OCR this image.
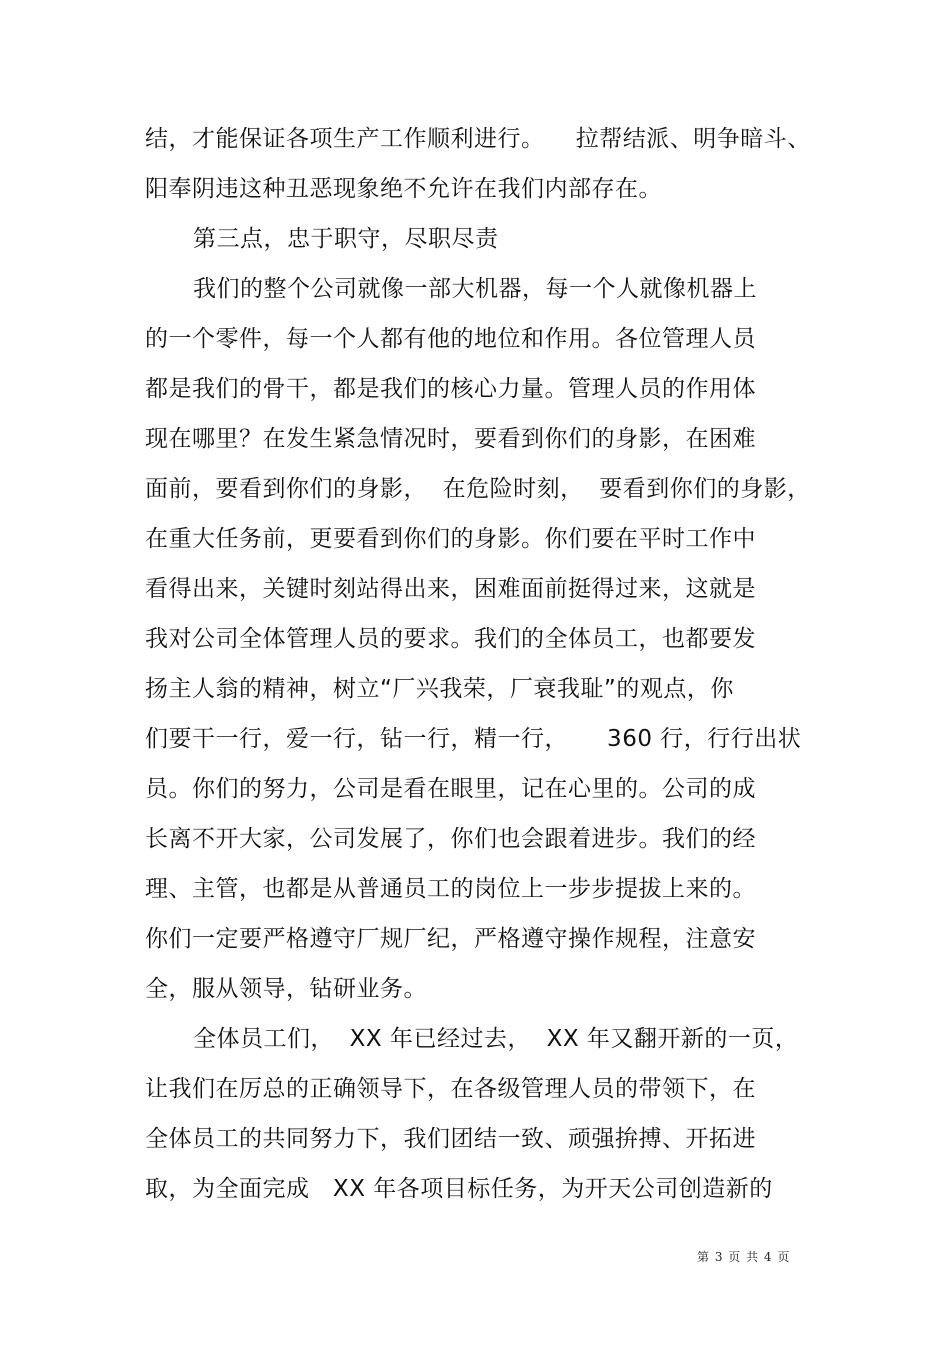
结，才能保证各项生产工作顺利进行。    拉帮结派、明争暗斗、
阳奉阴违这种丑恶现象绝不允许在我们内部存在。
第三点，忠于职守，尽职尽责
我们的整个公司就像一部大机器，每一个人就像机器上
的一个零件，每一个人都有他的地位和作用。各位管理人员
都是我们的骨干，都是我们的核心力量。管理人员的作用体
现在哪里？在发生紧急情况时，要看到你们的身影，在困难
面前，要看到你们的身影，  在危险时刻，  要看到你们的身影，
在重大任务前，更要看到你们的身影。你们要在平时工作中
看得出来，关键时刻站得出来，困难面前挺得过来，这就是
我对公司全体管理人员的要求。我们的全体员工，也都要发
扬主人翁的精神，树立“厂兴我荣，厂衰我耻”的观点，你
们要干一行，爱一行，钻一行，精一行，     360 行，行行出状
员。你们的努力，公司是看在眼里，记在心里的。公司的成
长离不开大家，公司发展了，你们也会跟着进步。我们的经
理、主管，也都是从普通员工的岗位上一步步提拔上来的。
你们一定要严格遵守厂规厂纪，严格遵守操作规程，注意安
全，服从领导，钻研业务。
全体员工们，  XX 年已经过去，  XX 年又翻开新的一页，
让我们在厉总的正确领导下，在各级管理人员的带领下，在
全体员工的共同努力下，我们团结一致、顽强拚搏、开拓进
取，为全面完成   XX 年各项目标任务，为开天公司创造新的
第 3 页 共 4 页
